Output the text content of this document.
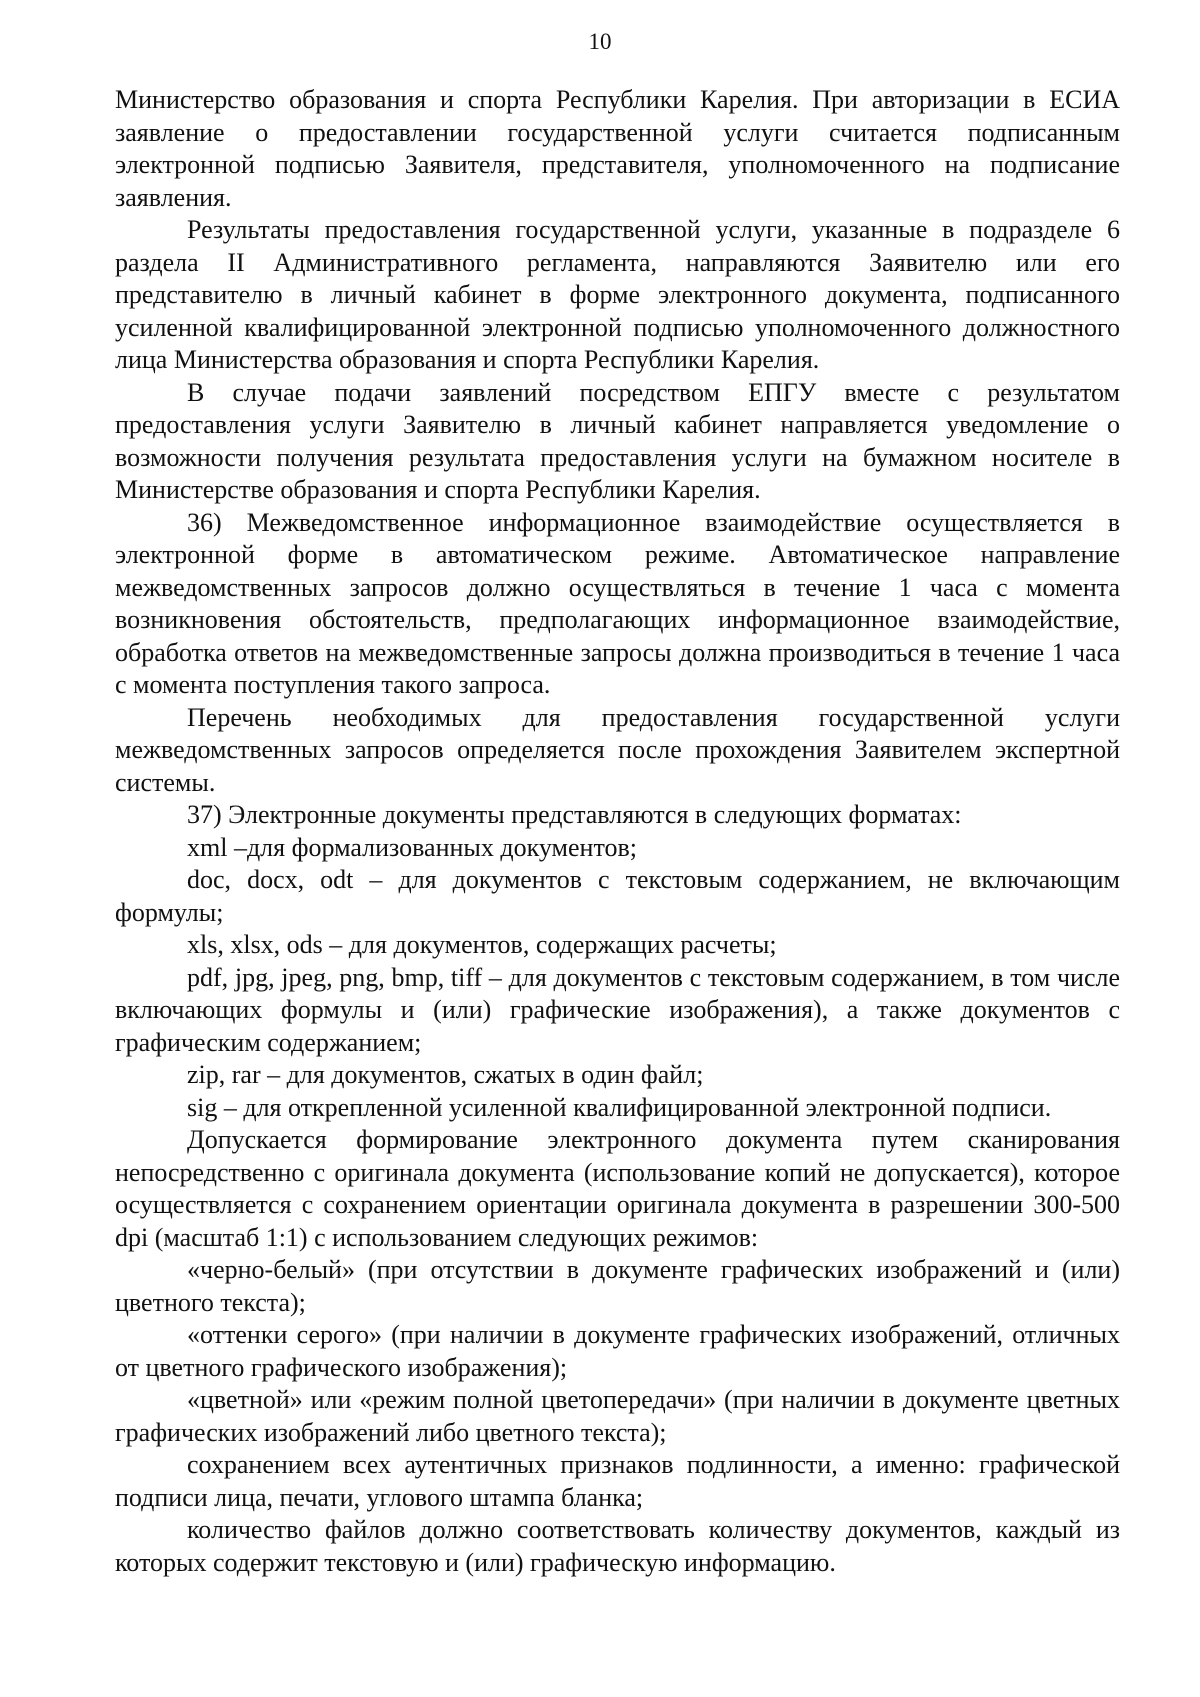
10

Министерство образования и спорта Республики Карелия. При авторизации в ЕСИА заявление о предоставлении государственной услуги считается подписанным электронной подписью Заявителя, представителя, уполномоченного на подписание заявления.

Результаты предоставления государственной услуги, указанные в подразделе 6 раздела II Административного регламента, направляются Заявителю или его представителю в личный кабинет в форме электронного документа, подписанного усиленной квалифицированной электронной подписью уполномоченного должностного лица Министерства образования и спорта Республики Карелия.

В случае подачи заявлений посредством ЕПГУ вместе с результатом предоставления услуги Заявителю в личный кабинет направляется уведомление о возможности получения результата предоставления услуги на бумажном носителе в Министерстве образования и спорта Республики Карелия.

36) Межведомственное информационное взаимодействие осуществляется в электронной форме в автоматическом режиме. Автоматическое направление межведомственных запросов должно осуществляться в течение 1 часа с момента возникновения обстоятельств, предполагающих информационное взаимодействие, обработка ответов на межведомственные запросы должна производиться в течение 1 часа с момента поступления такого запроса.

Перечень необходимых для предоставления государственной услуги межведомственных запросов определяется после прохождения Заявителем экспертной системы.

37) Электронные документы представляются в следующих форматах:

xml –для формализованных документов;

doc, docx, odt – для документов с текстовым содержанием, не включающим формулы;

xls, xlsx, ods – для документов, содержащих расчеты;

pdf, jpg, jpeg, png, bmp, tiff – для документов с текстовым содержанием, в том числе включающих формулы и (или) графические изображения), а также документов с графическим содержанием;

zip, rar – для документов, сжатых в один файл;

sig – для открепленной усиленной квалифицированной электронной подписи.

Допускается формирование электронного документа путем сканирования непосредственно с оригинала документа (использование копий не допускается), которое осуществляется с сохранением ориентации оригинала документа в разрешении 300-500 dpi (масштаб 1:1) с использованием следующих режимов:

«черно-белый» (при отсутствии в документе графических изображений и (или) цветного текста);

«оттенки серого» (при наличии в документе графических изображений, отличных от цветного графического изображения);

«цветной» или «режим полной цветопередачи» (при наличии в документе цветных графических изображений либо цветного текста);

сохранением всех аутентичных признаков подлинности, а именно: графической подписи лица, печати, углового штампа бланка;

количество файлов должно соответствовать количеству документов, каждый из которых содержит текстовую и (или) графическую информацию.
